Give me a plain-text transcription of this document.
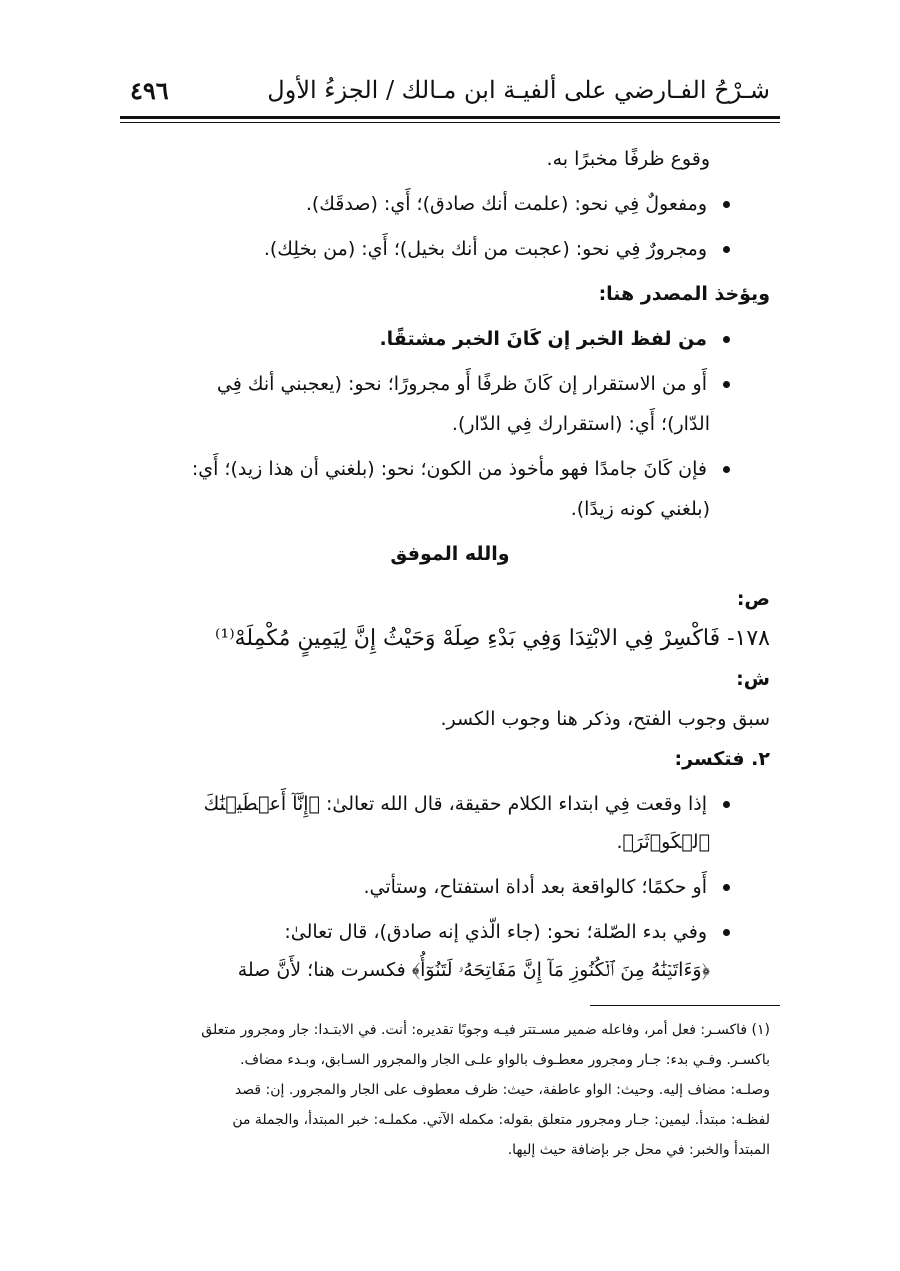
شـرْحُ الفـارضي على ألفيـة ابن مـالك / الجزءُ الأول
٤٩٦
وقوع ظرفًا مخبرًا به.
ومفعولٌ فِي نحو: (علمت أنك صادق)؛ أَي: (صدقَك).
ومجرورٌ فِي نحو: (عجبت من أنك بخيل)؛ أَي: (من بخلِك).
ويؤخذ المصدر هنا:
من لفظ الخبر إن كَانَ الخبر مشتقًا.
أَو من الاستقرار إن كَانَ ظرفًا أَو مجرورًا؛ نحو: (يعجبني أنك فِي
الدّار)؛ أَي: (استقرارك فِي الدّار).
فإن كَانَ جامدًا فهو مأخوذ من الكون؛ نحو: (بلغني أن هذا زيد)؛ أَي:
(بلغني كونه زيدًا).
والله الموفق
ص:
١٧٨- فَاكْسِرْ فِي الابْتِدَا وَفِي بَدْءِ صِلَهْ وَحَيْثُ إِنَّ لِيَمِينٍ مُكْمِلَهْ⁽¹⁾
ش:
سبق وجوب الفتح، وذكر هنا وجوب الكسر.
٢. فتكسر:
إذا وقعت فِي ابتداء الكلام حقيقة، قال الله تعالىٰ: ﴿إِنَّآ أَعۡطَيۡنَٰكَ
ٱلۡكَوۡثَرَ﴾.
أَو حكمًا؛ كالواقعة بعد أداة استفتاح، وستأتي.
وفي بدء الصّلة؛ نحو: (جاء الّذي إنه صادق)، قال تعالىٰ:
﴿وَءَاتَيۡنَٰهُ مِنَ ٱلۡكُنُوزِ مَآ إِنَّ مَفَاتِحَهُۥ لَتَنُوٓأُ﴾ فكسرت هنا؛ لأَنَّ صلة
(١) فاكسـر: فعل أمر، وفاعله ضمير مسـتتر فيـه وجوبًا تقديره: أنت. في الابتـدا: جار ومجرور متعلق
باكسـر. وفـي بدء: جـار ومجرور معطـوف بالواو علـى الجار والمجرور السـابق، وبـدء مضاف.
وصلـه: مضاف إليه. وحيث: الواو عاطفة، حيث: ظرف معطوف على الجار والمجرور. إن: قصد
لفظـه: مبتدأ. ليمين: جـار ومجرور متعلق بقوله: مكمله الآتي. مكملـه: خبر المبتدأ، والجملة من
المبتدأ والخبر: في محل جر بإضافة حيث إليها.
